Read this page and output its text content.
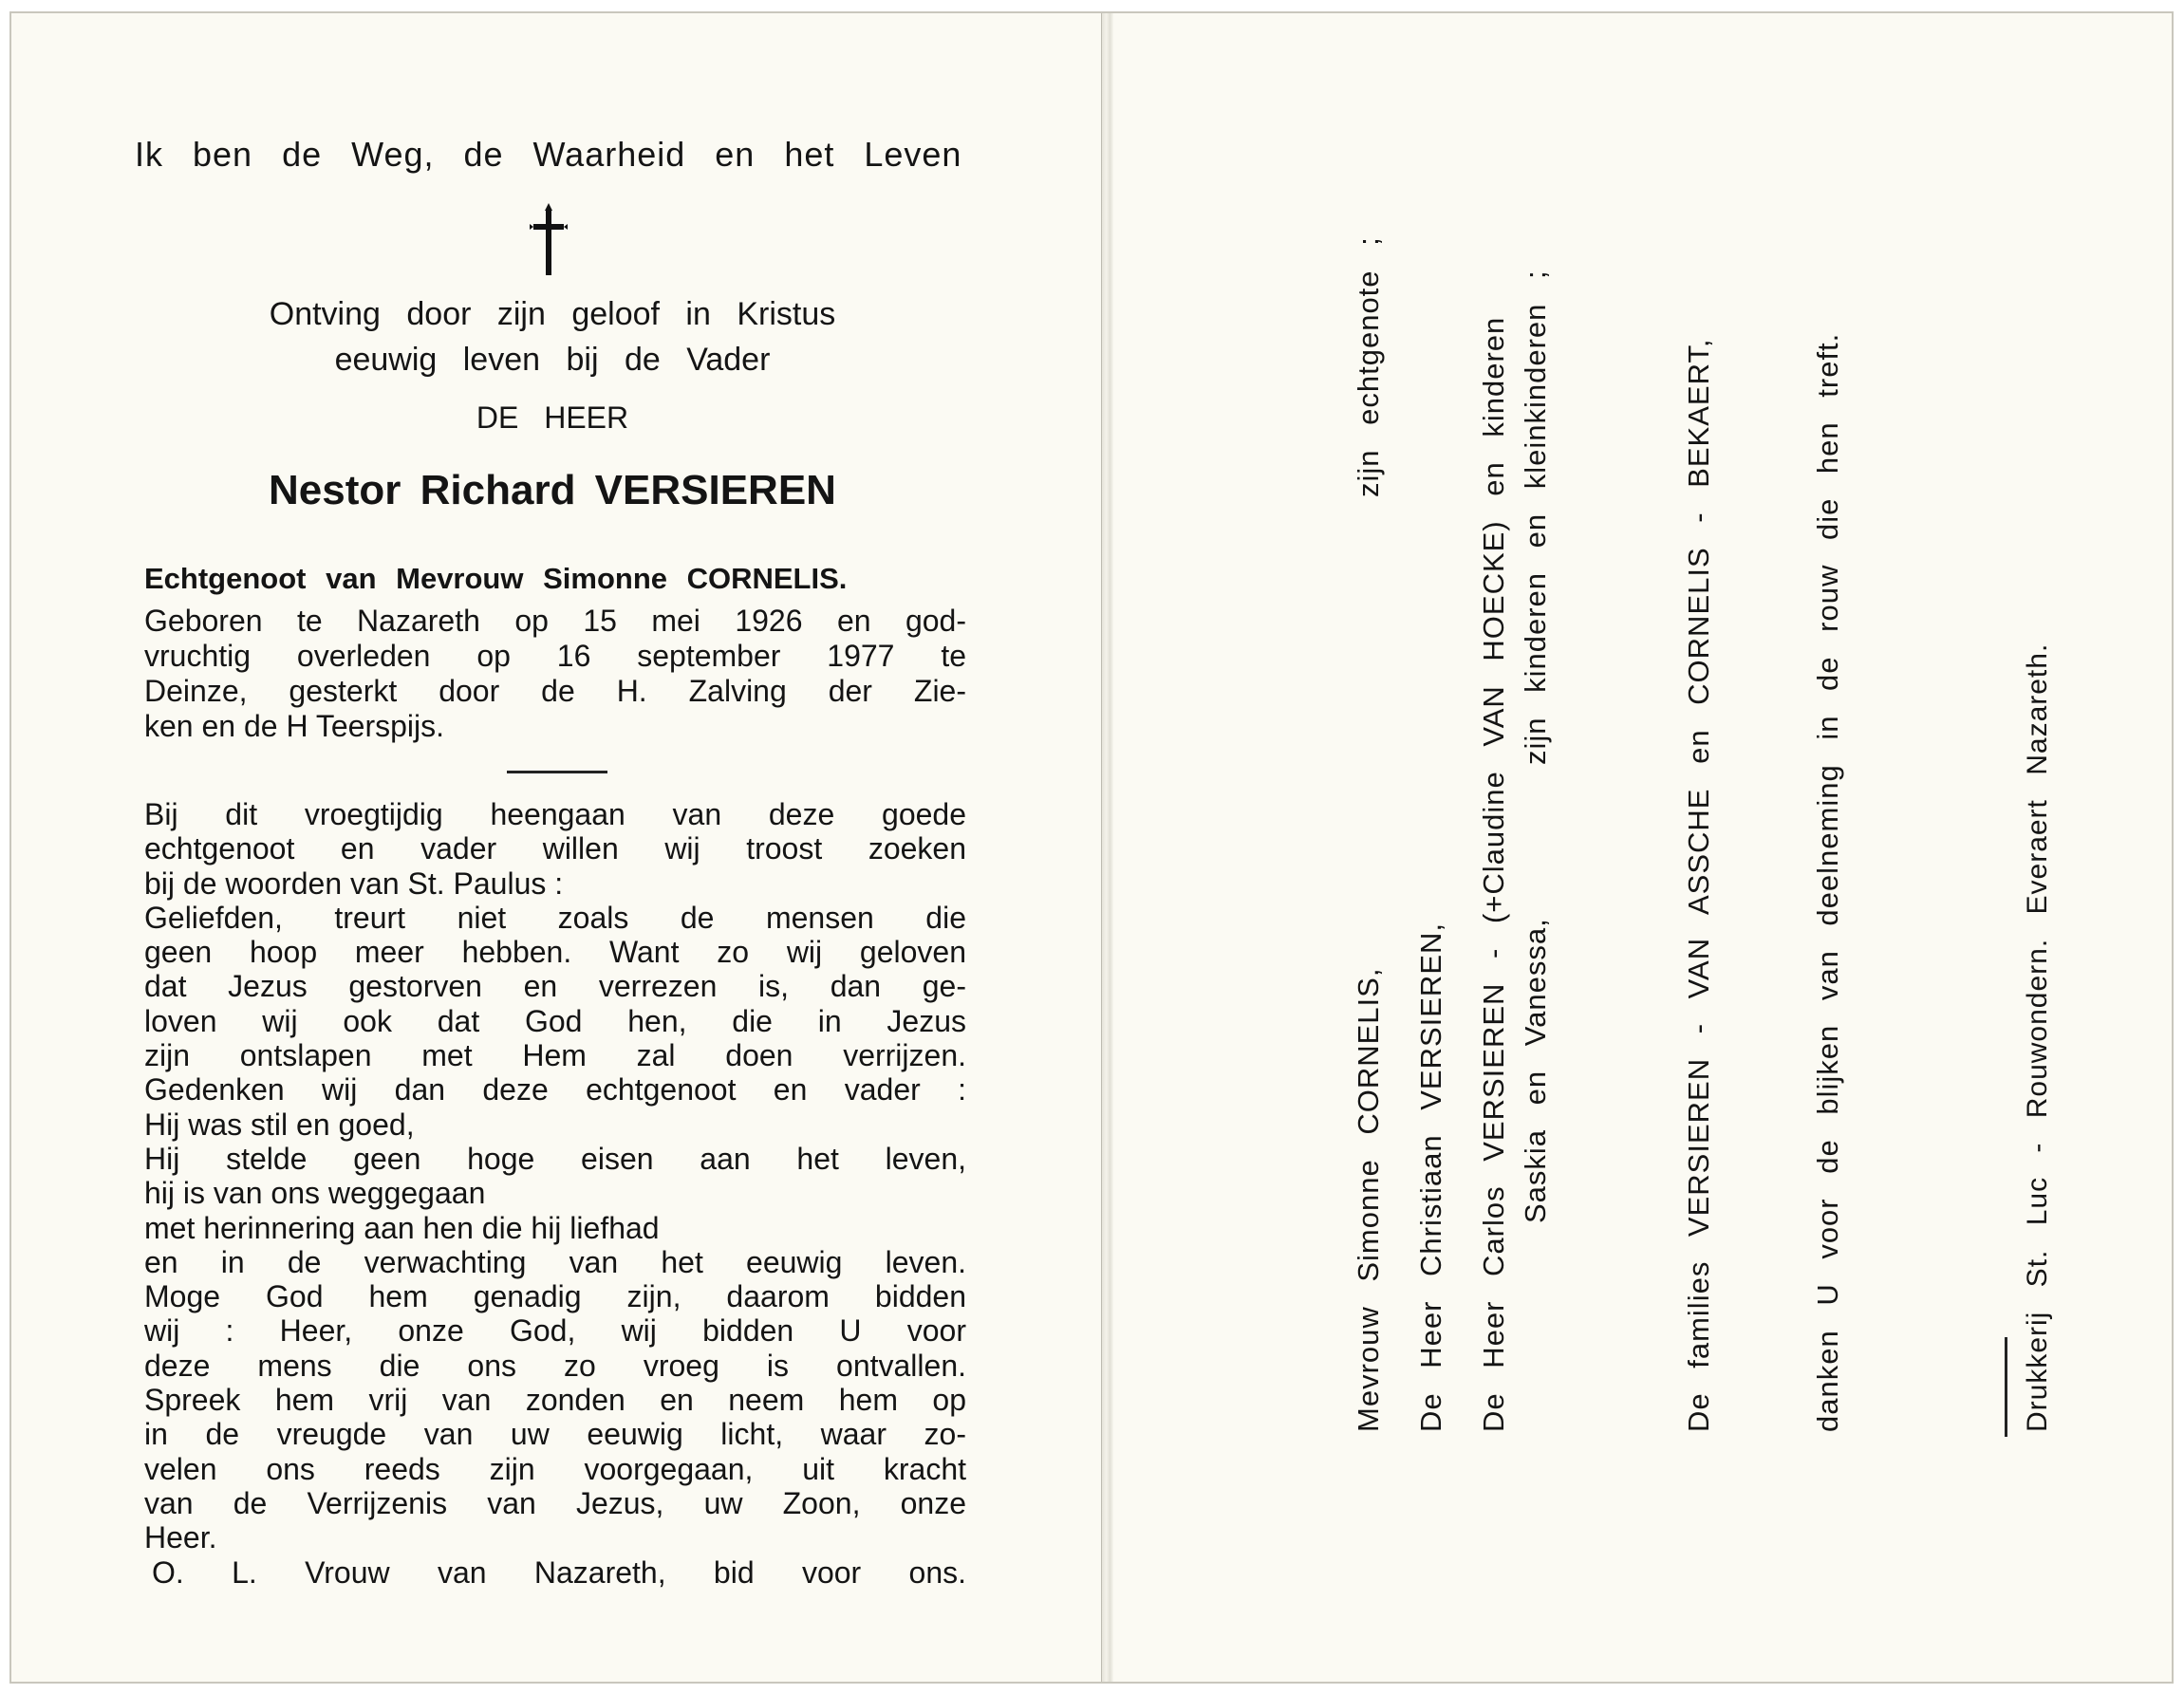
Ik ben de Weg, de Waarheid en het Leven
Ontving door zijn geloof in Kristus
eeuwig leven bij de Vader
DE HEER
Nestor Richard VERSIEREN
Echtgenoot van Mevrouw Simonne CORNELIS.
Geboren te Nazareth op 15 mei 1926 en god-
vruchtig overleden op 16 september 1977 te
Deinze, gesterkt door de H. Zalving der Zie-
ken en de H Teerspijs.
Bij dit vroegtijdig heengaan van deze goede
echtgenoot en vader willen wij troost zoeken
bij de woorden van St. Paulus :
Geliefden, treurt niet zoals de mensen die
geen hoop meer hebben. Want zo wij geloven
dat Jezus gestorven en verrezen is, dan ge-
loven wij ook dat God hen, die in Jezus
zijn ontslapen met Hem zal doen verrijzen.
Gedenken wij dan deze echtgenoot en vader :
Hij was stil en goed,
Hij stelde geen hoge eisen aan het leven,
hij is van ons weggegaan
met herinnering aan hen die hij liefhad
en in de verwachting van het eeuwig leven.
Moge God hem genadig zijn, daarom bidden
wij : Heer, onze God, wij bidden U voor
deze mens die ons zo vroeg is ontvallen.
Spreek hem vrij van zonden en neem hem op
in de vreugde van uw eeuwig licht, waar zo-
velen ons reeds zijn voorgegaan, uit kracht
van de Verrijzenis van Jezus, uw Zoon, onze
Heer.
O. L. Vrouw van Nazareth, bid voor ons.
Mevrouw Simonne CORNELIS,
zijn echtgenote ;
De Heer Christiaan VERSIEREN, De Heer Carlos VERSIEREN - (+Claudine VAN HOECKE) en kinderen Saskia en Vanessa,
zijn kinderen en kleinkinderen ;	De families VERSIEREN - VAN ASSCHE en CORNELIS - BEKAERT,	danken U voor de blijken van deelneming in de rouw die hen treft.	Drukkerij St. Luc - Rouwondern. Everaert Nazareth.
